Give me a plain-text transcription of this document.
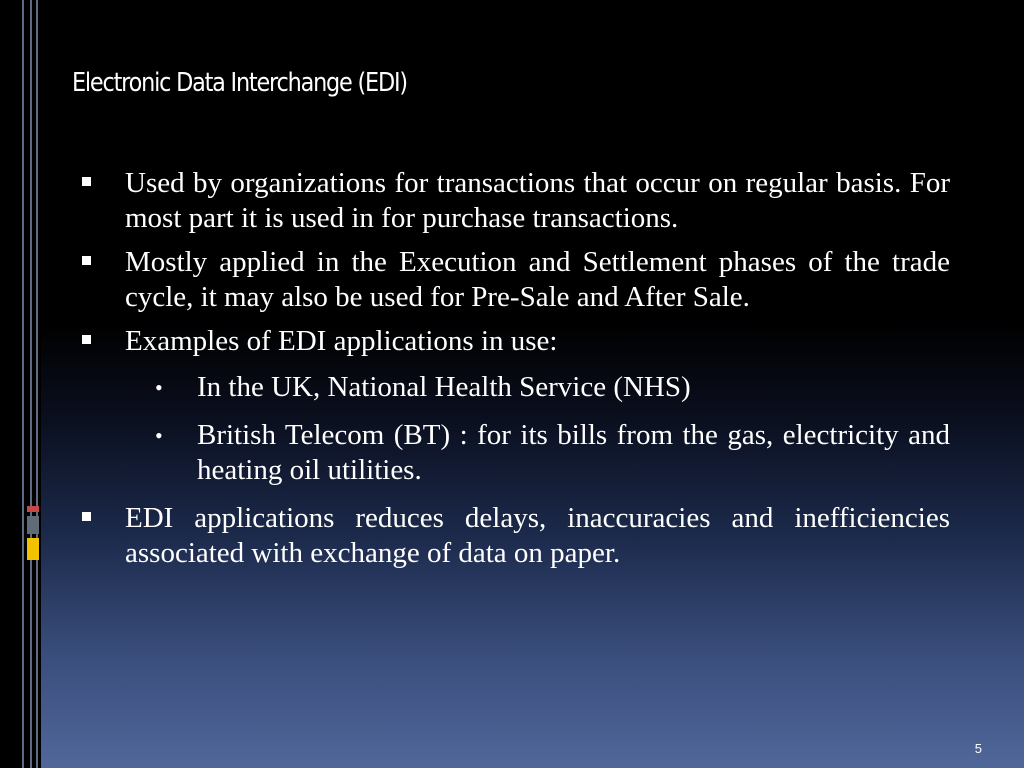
Electronic Data Interchange (EDI)
Used by organizations for transactions that occur on regular basis. For most part it is used in for purchase transactions.
Mostly applied in the Execution and Settlement phases of the trade cycle, it may also be used for Pre-Sale and After Sale.
Examples of EDI applications in use:
• In the UK, National Health Service (NHS)
• British Telecom (BT) : for its bills from the gas, electricity and heating oil utilities.
EDI applications reduces delays, inaccuracies and inefficiencies associated with exchange of data on paper.
5
